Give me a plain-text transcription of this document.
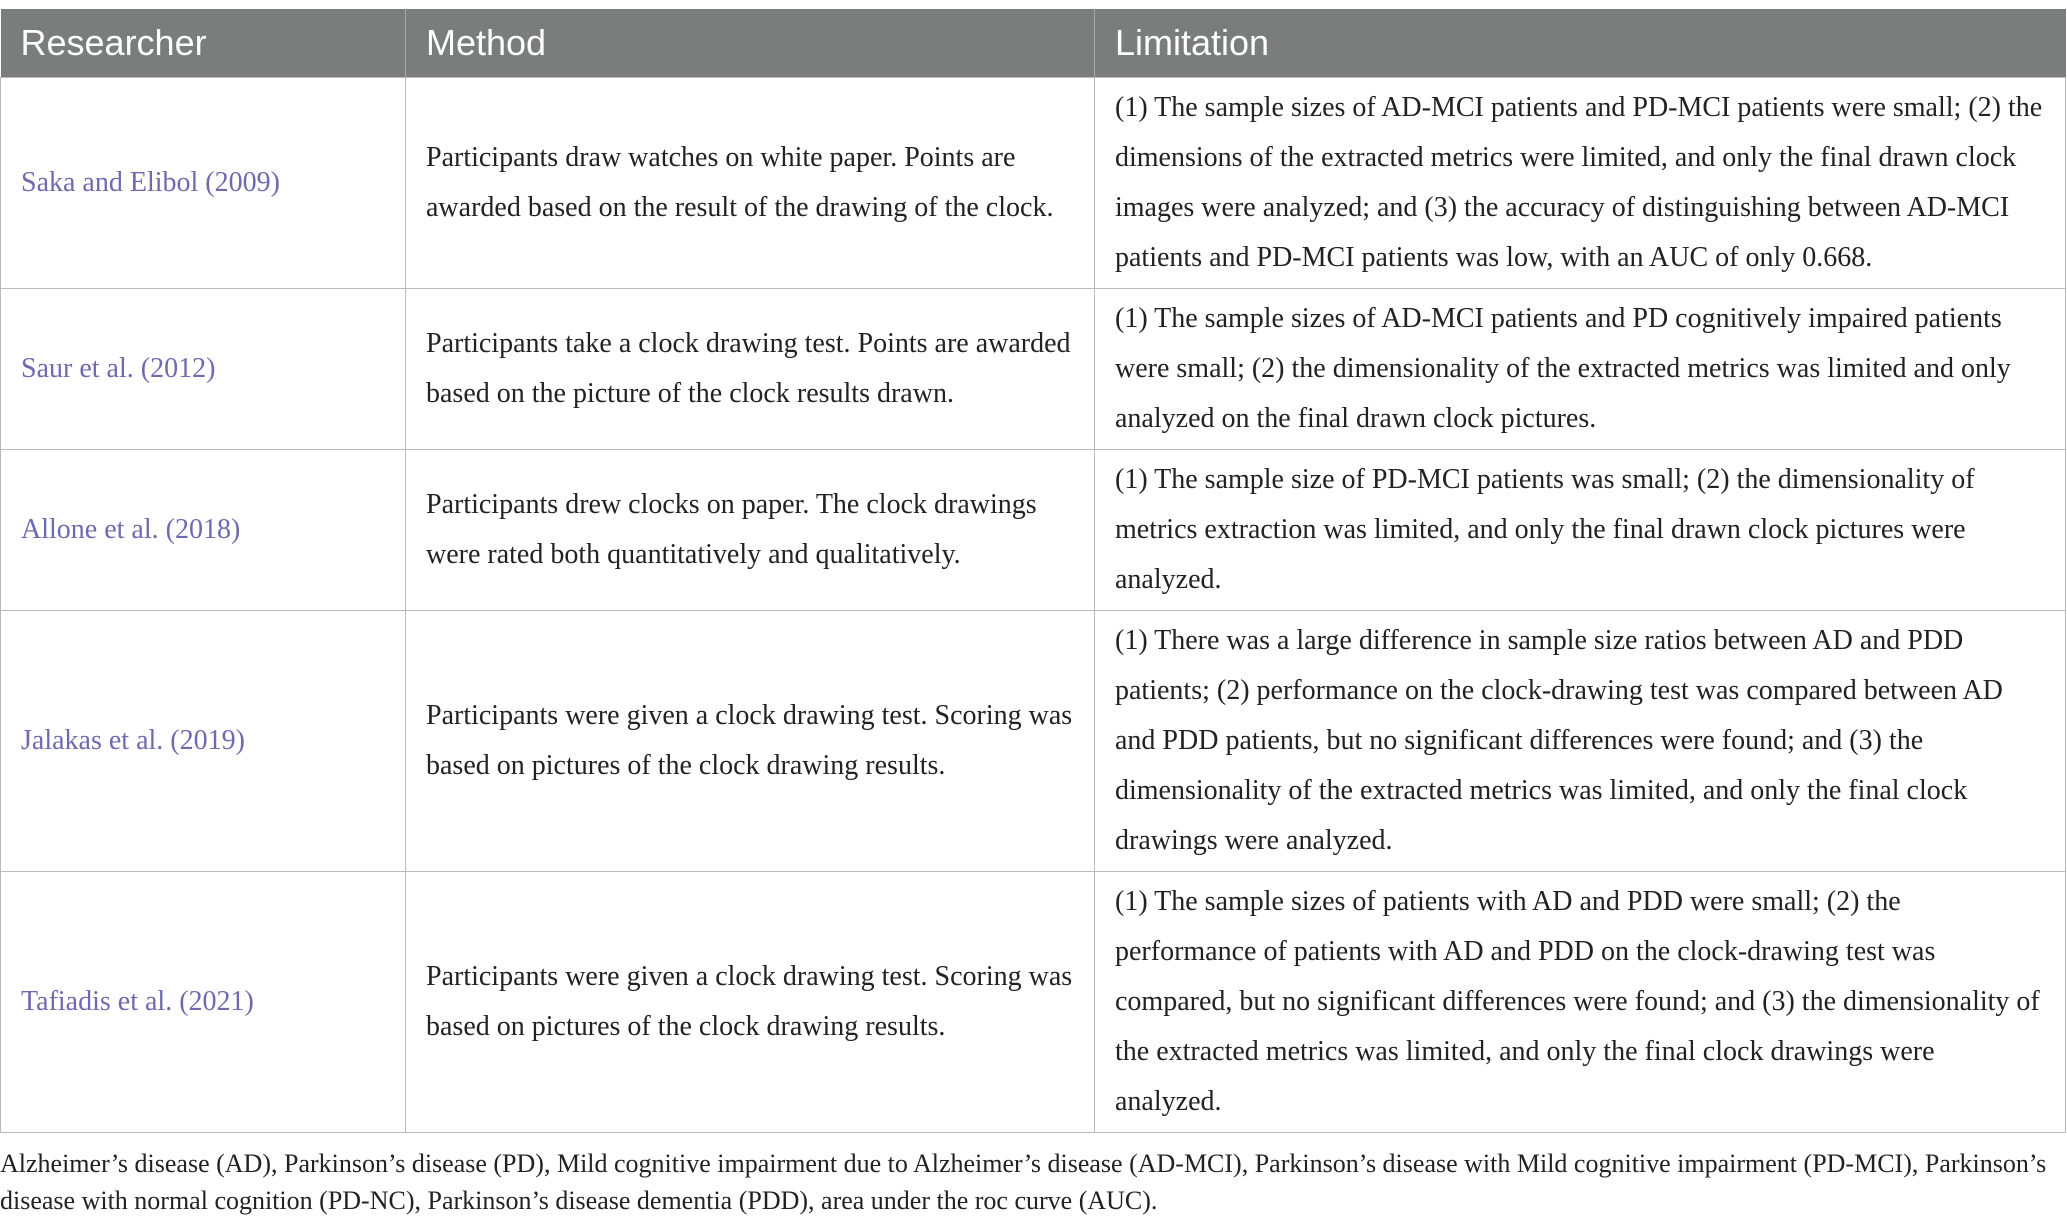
Researcher	Method	Limitation
Saka and Elibol (2009)	Participants draw watches on white paper. Points are awarded based on the result of the drawing of the clock.	(1) The sample sizes of AD-MCI patients and PD-MCI patients were small; (2) the dimensions of the extracted metrics were limited, and only the final drawn clock images were analyzed; and (3) the accuracy of distinguishing between AD-MCI patients and PD-MCI patients was low, with an AUC of only 0.668.
Saur et al. (2012)	Participants take a clock drawing test. Points are awarded based on the picture of the clock results drawn.	(1) The sample sizes of AD-MCI patients and PD cognitively impaired patients were small; (2) the dimensionality of the extracted metrics was limited and only analyzed on the final drawn clock pictures.
Allone et al. (2018)	Participants drew clocks on paper. The clock drawings were rated both quantitatively and qualitatively.	(1) The sample size of PD-MCI patients was small; (2) the dimensionality of metrics extraction was limited, and only the final drawn clock pictures were analyzed.
Jalakas et al. (2019)	Participants were given a clock drawing test. Scoring was based on pictures of the clock drawing results.	(1) There was a large difference in sample size ratios between AD and PDD patients; (2) performance on the clock-drawing test was compared between AD and PDD patients, but no significant differences were found; and (3) the dimensionality of the extracted metrics was limited, and only the final clock drawings were analyzed.
Tafiadis et al. (2021)	Participants were given a clock drawing test. Scoring was based on pictures of the clock drawing results.	(1) The sample sizes of patients with AD and PDD were small; (2) the performance of patients with AD and PDD on the clock-drawing test was compared, but no significant differences were found; and (3) the dimensionality of the extracted metrics was limited, and only the final clock drawings were analyzed.
Alzheimer’s disease (AD), Parkinson’s disease (PD), Mild cognitive impairment due to Alzheimer’s disease (AD-MCI), Parkinson’s disease with Mild cognitive impairment (PD-MCI), Parkinson’s disease with normal cognition (PD-NC), Parkinson’s disease dementia (PDD), area under the roc curve (AUC).
